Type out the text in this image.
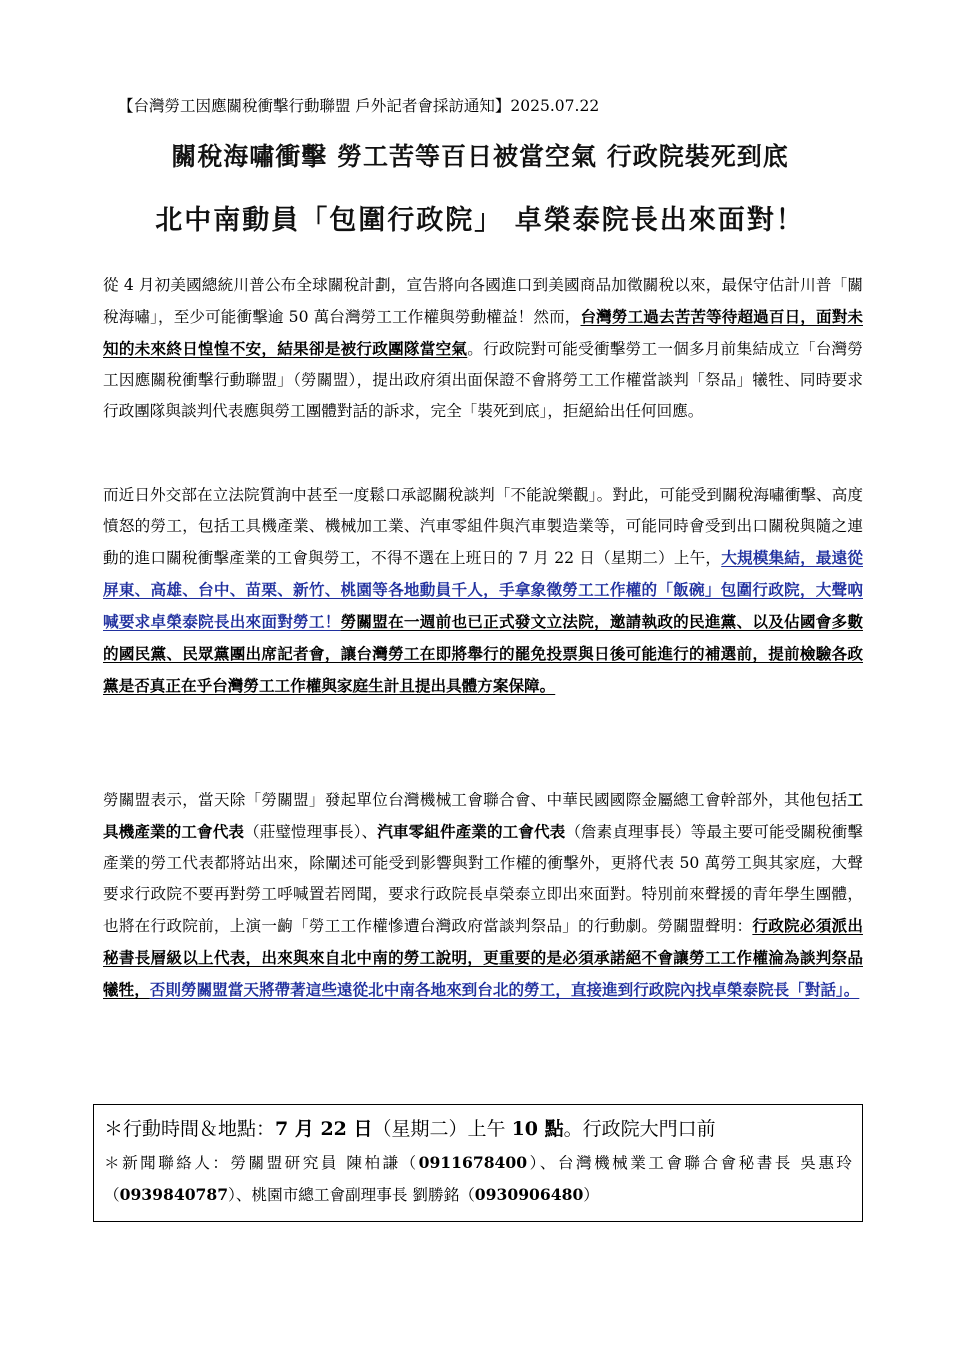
【台灣勞工因應關稅衝擊行動聯盟 戶外記者會採訪通知】2025.07.22
關稅海嘯衝擊 勞工苦等百日被當空氣 行政院裝死到底
北中南動員「包圍行政院」 卓榮泰院長出來面對！

從 4 月初美國總統川普公布全球關稅計劃，宣告將向各國進口到美國商品加徵關稅以來，最保守估計川普「關稅海嘯」，至少可能衝擊逾 50 萬台灣勞工工作權與勞動權益！然而，台灣勞工過去苦苦等待超過百日，面對未知的未來終日惶惶不安，結果卻是被行政團隊當空氣。行政院對可能受衝擊勞工一個多月前集結成立「台灣勞工因應關稅衝擊行動聯盟」（勞關盟），提出政府須出面保證不會將勞工工作權當談判「祭品」犧牲、同時要求行政團隊與談判代表應與勞工團體對話的訴求，完全「裝死到底」，拒絕給出任何回應。

而近日外交部在立法院質詢中甚至一度鬆口承認關稅談判「不能說樂觀」。對此，可能受到關稅海嘯衝擊、高度憤怒的勞工，包括工具機產業、機械加工業、汽車零組件與汽車製造業等，可能同時會受到出口關稅與隨之連動的進口關稅衝擊產業的工會與勞工，不得不選在上班日的 7 月 22 日（星期二）上午，大規模集結，最遠從屏東、高雄、台中、苗栗、新竹、桃園等各地動員千人，手拿象徵勞工工作權的「飯碗」包圍行政院，大聲吶喊要求卓榮泰院長出來面對勞工！勞關盟在一週前也已正式發文立法院，邀請執政的民進黨、以及佔國會多數的國民黨、民眾黨團出席記者會，讓台灣勞工在即將舉行的罷免投票與日後可能進行的補選前，提前檢驗各政黨是否真正在乎台灣勞工工作權與家庭生計且提出具體方案保障。

勞關盟表示，當天除「勞關盟」發起單位台灣機械工會聯合會、中華民國國際金屬總工會幹部外，其他包括工具機產業的工會代表（莊璧愷理事長）、汽車零組件產業的工會代表（詹素貞理事長）等最主要可能受關稅衝擊產業的勞工代表都將站出來，除闡述可能受到影響與對工作權的衝擊外，更將代表 50 萬勞工與其家庭，大聲要求行政院不要再對勞工呼喊置若罔聞，要求行政院長卓榮泰立即出來面對。特別前來聲援的青年學生團體，也將在行政院前，上演一齣「勞工工作權慘遭台灣政府當談判祭品」的行動劇。勞關盟聲明：行政院必須派出秘書長層級以上代表，出來與來自北中南的勞工說明，更重要的是必須承諾絕不會讓勞工工作權淪為談判祭品犧牲，否則勞關盟當天將帶著這些遠從北中南各地來到台北的勞工，直接進到行政院內找卓榮泰院長「對話」。

＊行動時間＆地點：7 月 22 日（星期二）上午 10 點。行政院大門口前

＊新聞聯絡人：勞關盟研究員 陳柏謙（0911678400）、台灣機械業工會聯合會秘書長 吳惠玲（0939840787）、桃園市總工會副理事長 劉勝銘（0930906480）
